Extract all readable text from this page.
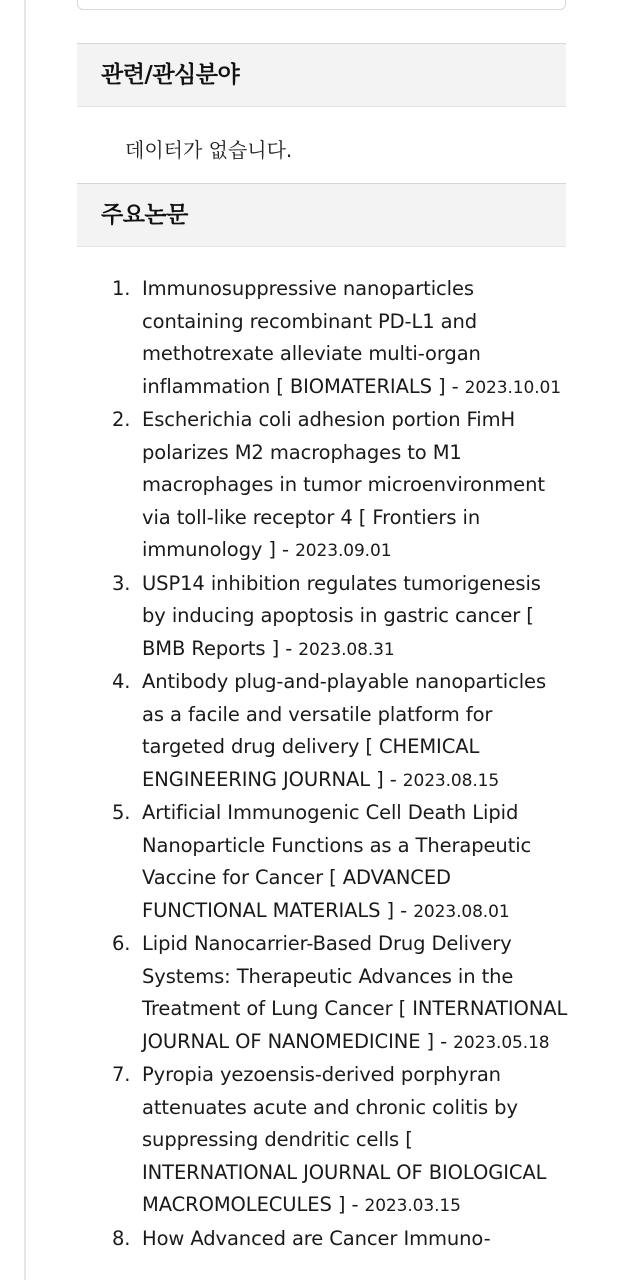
관련/관심분야
데이터가 없습니다.
주요논문
1. Immunosuppressive nanoparticles containing recombinant PD-L1 and methotrexate alleviate multi-organ inflammation [ BIOMATERIALS ] - 2023.10.01
2. Escherichia coli adhesion portion FimH polarizes M2 macrophages to M1 macrophages in tumor microenvironment via toll-like receptor 4 [ Frontiers in immunology ] - 2023.09.01
3. USP14 inhibition regulates tumorigenesis by inducing apoptosis in gastric cancer [ BMB Reports ] - 2023.08.31
4. Antibody plug-and-playable nanoparticles as a facile and versatile platform for targeted drug delivery [ CHEMICAL ENGINEERING JOURNAL ] - 2023.08.15
5. Artificial Immunogenic Cell Death Lipid Nanoparticle Functions as a Therapeutic Vaccine for Cancer [ ADVANCED FUNCTIONAL MATERIALS ] - 2023.08.01
6. Lipid Nanocarrier-Based Drug Delivery Systems: Therapeutic Advances in the Treatment of Lung Cancer [ INTERNATIONAL JOURNAL OF NANOMEDICINE ] - 2023.05.18
7. Pyropia yezoensis-derived porphyran attenuates acute and chronic colitis by suppressing dendritic cells [ INTERNATIONAL JOURNAL OF BIOLOGICAL MACROMOLECULES ] - 2023.03.15
8. How Advanced are Cancer Immuno-
